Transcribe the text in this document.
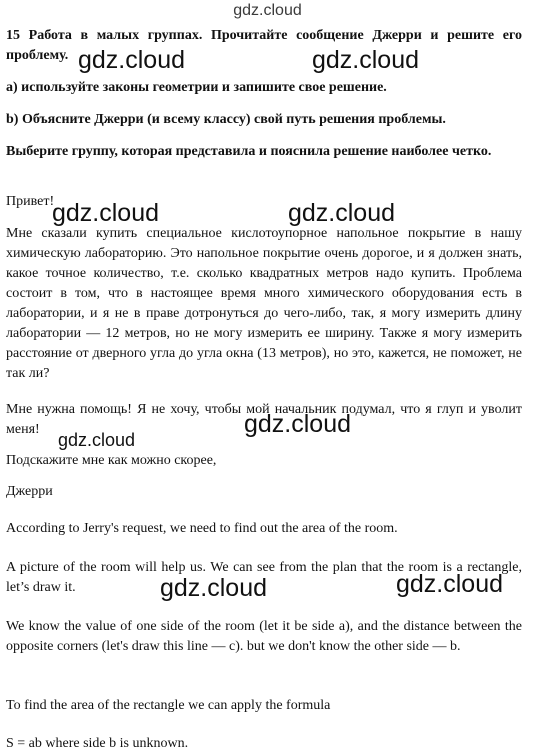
gdz.cloud
15 Работа в малых группах. Прочитайте сообщение Джерри и решите его проблему.
а) используйте законы геометрии и запишите свое решение.
b) Объясните Джерри (и всему классу) свой путь решения проблемы.
Выберите группу, которая представила и пояснила решение наиболее четко.
Привет!
Мне сказали купить специальное кислотоупорное напольное покрытие в нашу химическую лабораторию. Это напольное покрытие очень дорогое, и я должен знать, какое точное количество, т.е. сколько квадратных метров надо купить. Проблема состоит в том, что в настоящее время много химического оборудования есть в лаборатории, и я не в праве дотронуться до чего-либо, так, я могу измерить длину лаборатории — 12 метров, но не могу измерить ее ширину. Также я могу измерить расстояние от дверного угла до угла окна (13 метров), но это, кажется, не поможет, не так ли?
Мне нужна помощь! Я не хочу, чтобы мой начальник подумал, что я глуп и уволит меня!
Подскажите мне как можно скорее,
Джерри
According to Jerry's request, we need to find out the area of the room.
A picture of the room will help us. We can see from the plan that the room is a rectangle, let’s draw it.
We know the value of one side of the room (let it be side a), and the distance between the opposite corners (let's draw this line — c). but we don't know the other side — b.
To find the area of the rectangle we can apply the formula
S = ab where side b is unknown.
gdz.cloud	gdz.cloud
gdz.cloud	gdz.cloud
gdz.cloud
gdz.cloud
gdz.cloud	gdz.cloud
